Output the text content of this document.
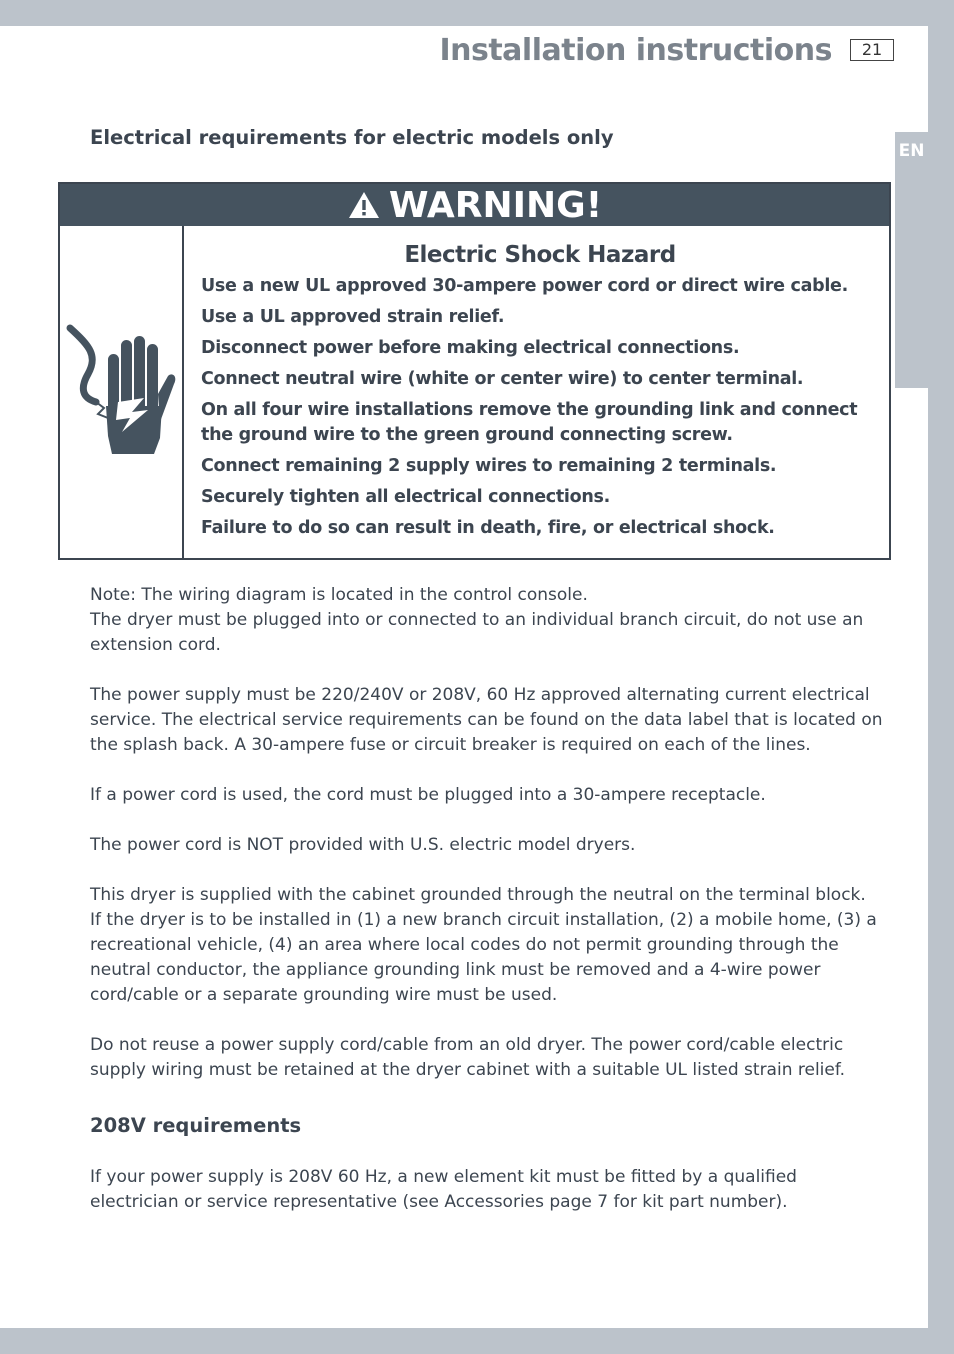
EN
Installation instructions	21
Electrical requirements for electric models only
WARNING!
Electric Shock Hazard
Use a new UL approved 30-ampere power cord or direct wire cable.
Use a UL approved strain relief.
Disconnect power before making electrical connections.
Connect neutral wire (white or center wire) to center terminal.
On all four wire installations remove the grounding link and connect the ground wire to the green ground connecting screw.
Connect remaining 2 supply wires to remaining 2 terminals.
Securely tighten all electrical connections.
Failure to do so can result in death, fire, or electrical shock.

Note: The wiring diagram is located in the control console.

The dryer must be plugged into or connected to an individual branch circuit, do not use an extension cord.

The power supply must be 220/240V or 208V, 60 Hz approved alternating current electrical service. The electrical service requirements can be found on the data label that is located on the splash back. A 30-ampere fuse or circuit breaker is required on each of the lines.

If a power cord is used, the cord must be plugged into a 30-ampere receptacle.

The power cord is NOT provided with U.S. electric model dryers.

This dryer is supplied with the cabinet grounded through the neutral on the terminal block.

If the dryer is to be installed in (1) a new branch circuit installation, (2) a mobile home, (3) a recreational vehicle, (4) an area where local codes do not permit grounding through the neutral conductor, the appliance grounding link must be removed and a 4-wire power cord/cable or a separate grounding wire must be used.

Do not reuse a power supply cord/cable from an old dryer. The power cord/cable electric supply wiring must be retained at the dryer cabinet with a suitable UL listed strain relief.

208V requirements

If your power supply is 208V 60 Hz, a new element kit must be fitted by a qualified electrician or service representative (see Accessories page 7 for kit part number).
